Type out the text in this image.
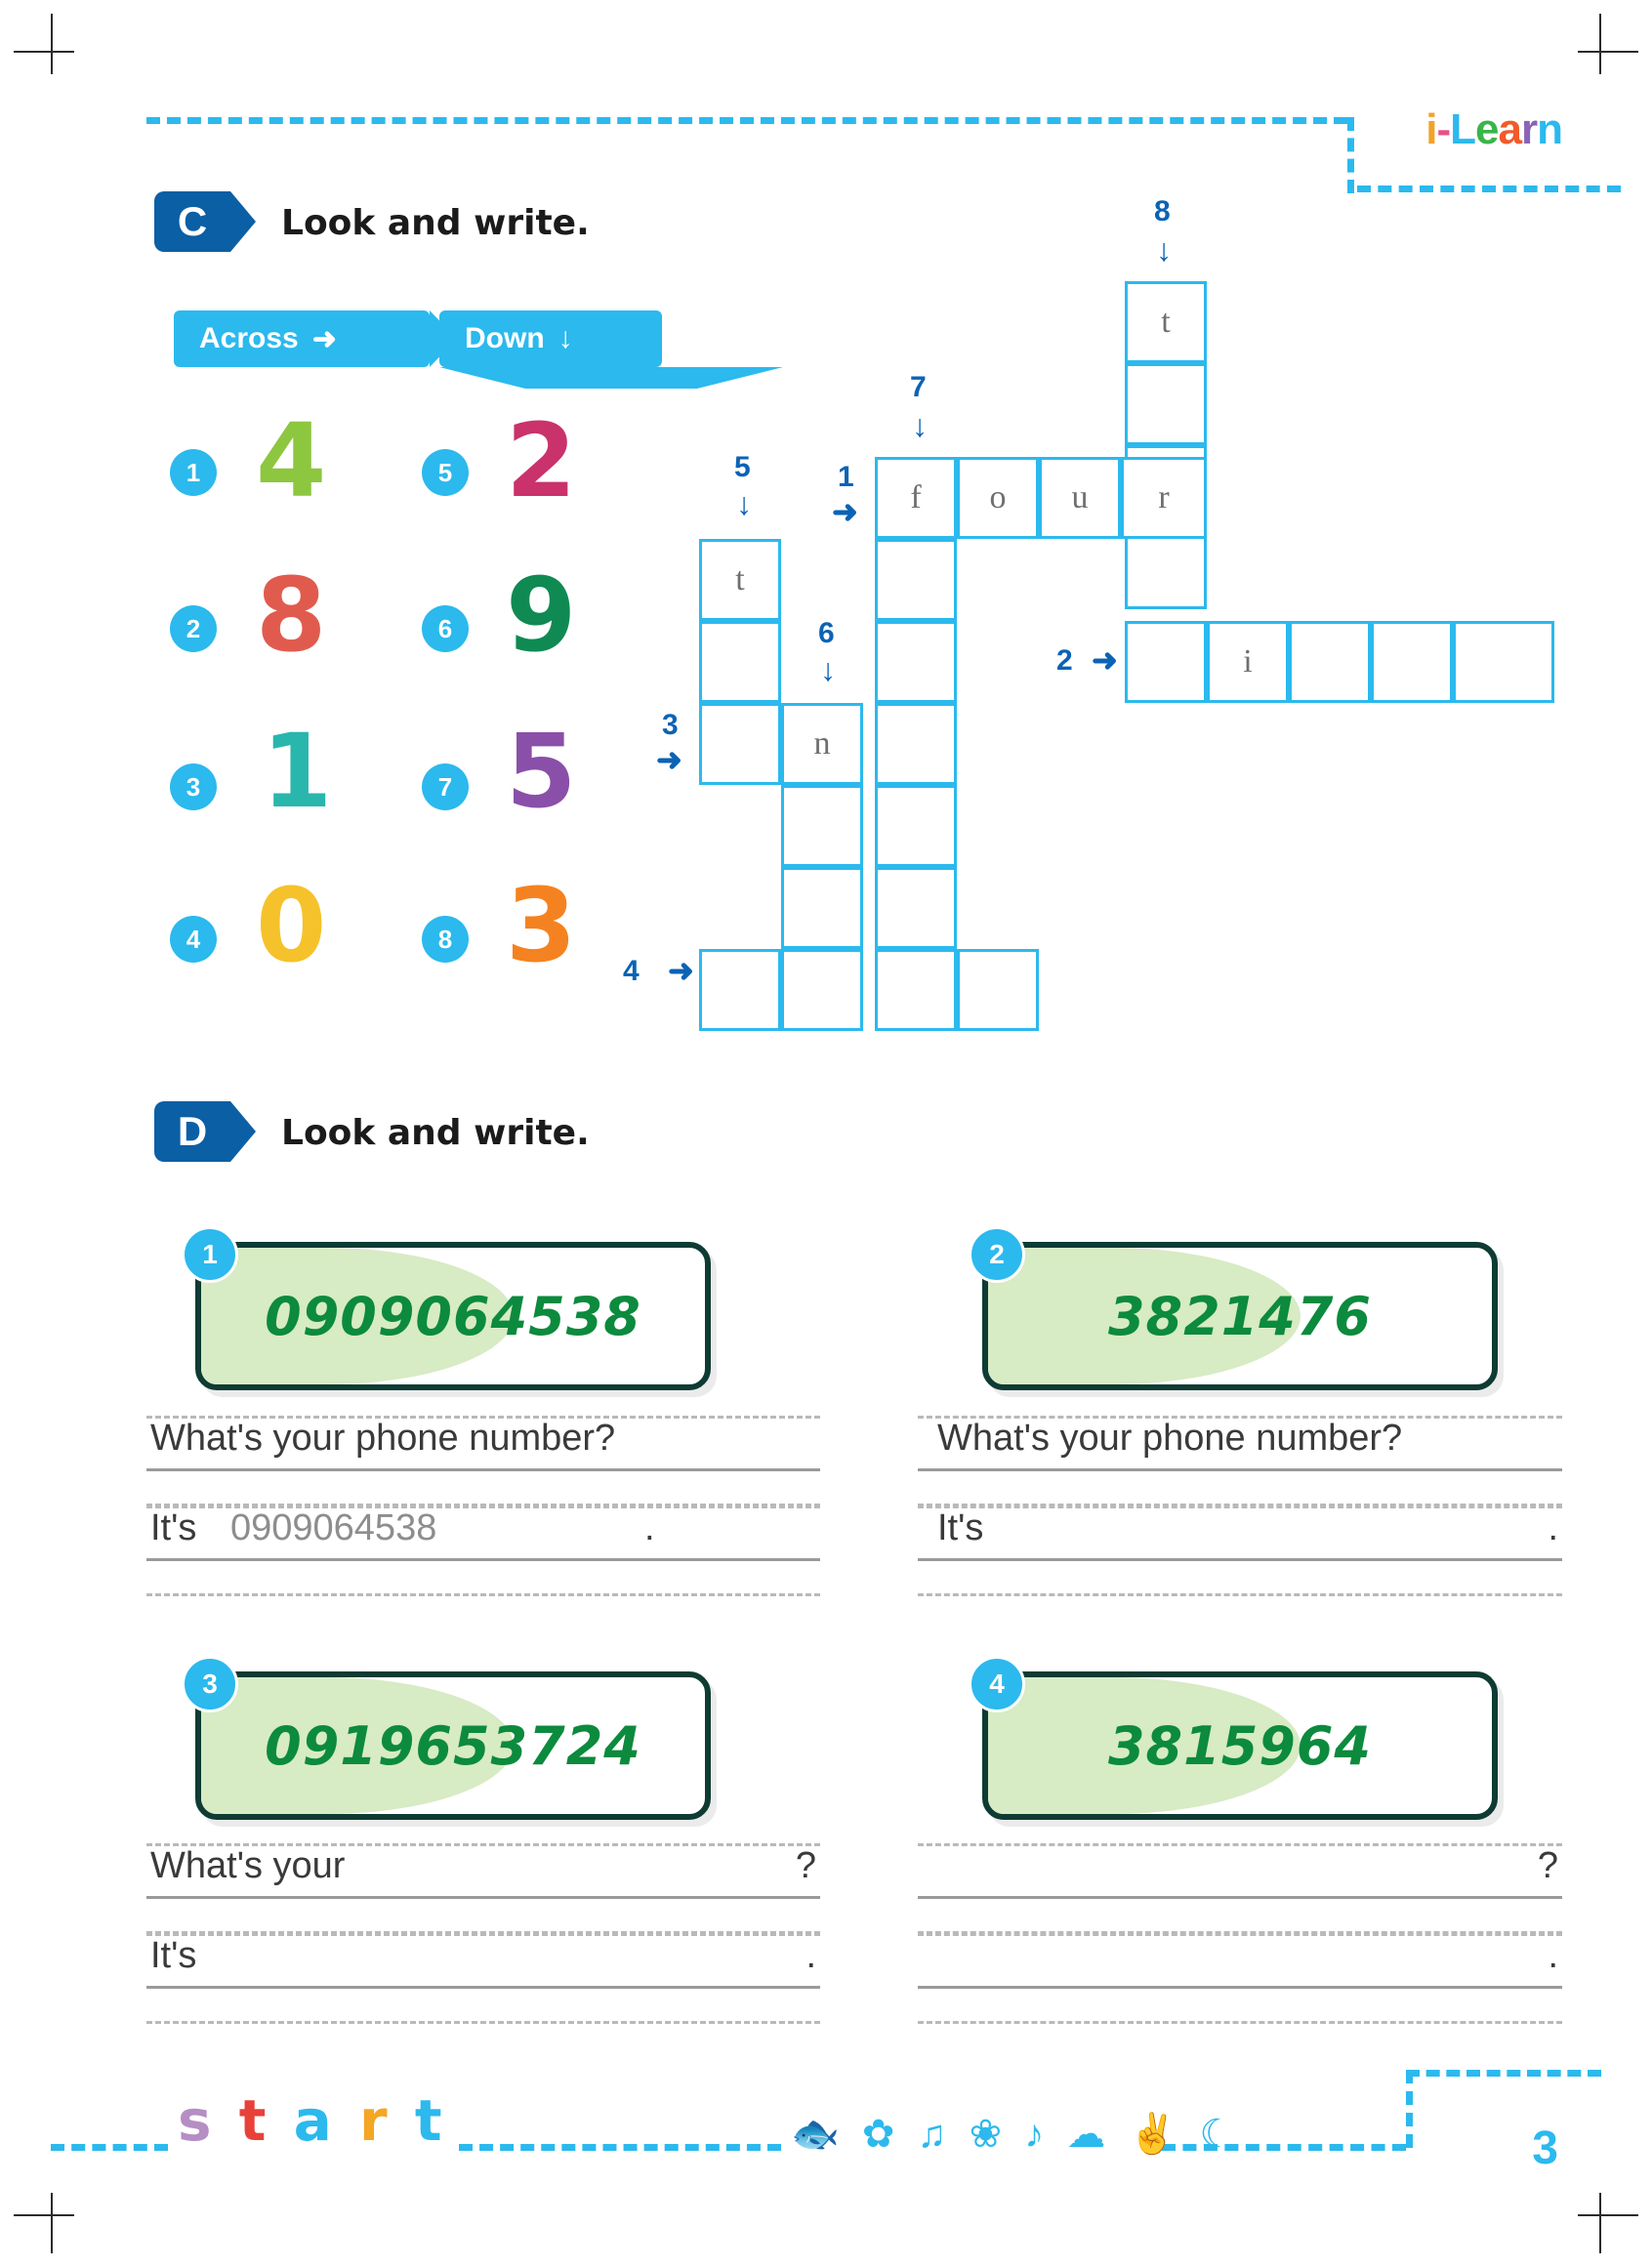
i-Learn
C	Look and write.
Across ➜	Down ↓
1 4
2 8
3 1
4 0
5 2
6 9
7 5
8 3
8
↓
t
7
↓
1
➜	f	o	u	r
5
↓
t
6
↓
3
➜	n
4 ➜
2 ➜	i
D	Look and write.
1
0909064538
What's your phone number?
It's 0909064538	.
2
3821476
What's your phone number?
It's	.
3
0919653724
What's your	?
It's	.
4
3815964
?
.
s t a r t	🐟 ✿ ♫ ❀ ♪ ☁ ✌ ☾	3
